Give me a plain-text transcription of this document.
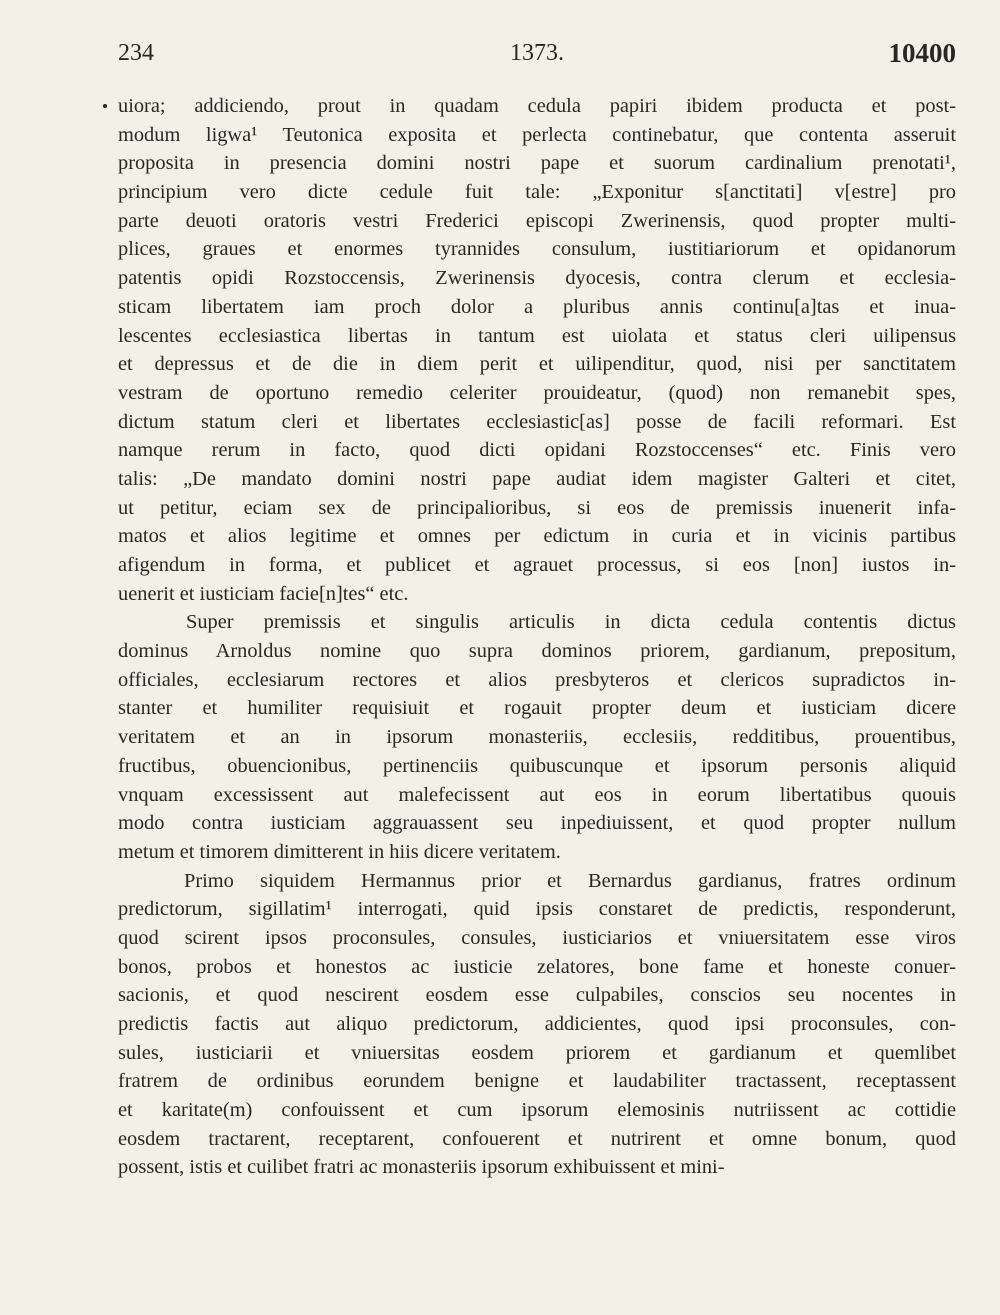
234	1373.	10400
uiora; addiciendo, prout in quadam cedula papiri ibidem producta et post-
modum ligwa¹ Teutonica exposita et perlecta continebatur, que contenta asseruit
proposita in presencia domini nostri pape et suorum cardinalium prenotati¹,
principium vero dicte cedule fuit tale: „Exponitur s[anctitati] v[estre] pro
parte deuoti oratoris vestri Frederici episcopi Zwerinensis, quod propter multi-
plices, graues et enormes tyrannides consulum, iustitiariorum et opidanorum
patentis opidi Rozstoccensis, Zwerinensis dyocesis, contra clerum et ecclesia-
sticam libertatem iam proch dolor a pluribus annis continu[a]tas et inua-
lescentes ecclesiastica libertas in tantum est uiolata et status cleri uilipensus
et depressus et de die in diem perit et uilipenditur, quod, nisi per sanctitatem
vestram de oportuno remedio celeriter prouideatur, (quod) non remanebit spes,
dictum statum cleri et libertates ecclesiastic[as] posse de facili reformari. Est
namque rerum in facto, quod dicti opidani Rozstoccenses“ etc. Finis vero
talis: „De mandato domini nostri pape audiat idem magister Galteri et citet,
ut petitur, eciam sex de principalioribus, si eos de premissis inuenerit infa-
matos et alios legitime et omnes per edictum in curia et in vicinis partibus
afigendum in forma, et publicet et agrauet processus, si eos [non] iustos in-
uenerit et iusticiam facie[n]tes“ etc.
Super premissis et singulis articulis in dicta cedula contentis dictus
dominus Arnoldus nomine quo supra dominos priorem, gardianum, prepositum,
officiales, ecclesiarum rectores et alios presbyteros et clericos supradictos in-
stanter et humiliter requisiuit et rogauit propter deum et iusticiam dicere
veritatem et an in ipsorum monasteriis, ecclesiis, redditibus, prouentibus,
fructibus, obuencionibus, pertinenciis quibuscunque et ipsorum personis aliquid
vnquam excessissent aut malefecissent aut eos in eorum libertatibus quouis
modo contra iusticiam aggrauassent seu inpediuissent, et quod propter nullum
metum et timorem dimitterent in hiis dicere veritatem.
Primo siquidem Hermannus prior et Bernardus gardianus, fratres ordinum
predictorum, sigillatim¹ interrogati, quid ipsis constaret de predictis, responderunt,
quod scirent ipsos proconsules, consules, iusticiarios et vniuersitatem esse viros
bonos, probos et honestos ac iusticie zelatores, bone fame et honeste conuer-
sacionis, et quod nescirent eosdem esse culpabiles, conscios seu nocentes in
predictis factis aut aliquo predictorum, addicientes, quod ipsi proconsules, con-
sules, iusticiarii et vniuersitas eosdem priorem et gardianum et quemlibet
fratrem de ordinibus eorundem benigne et laudabiliter tractassent, receptassent
et karitate(m) confouissent et cum ipsorum elemosinis nutriissent ac cottidie
eosdem tractarent, receptarent, confouerent et nutrirent et omne bonum, quod
possent, istis et cuilibet fratri ac monasteriis ipsorum exhibuissent et mini-
